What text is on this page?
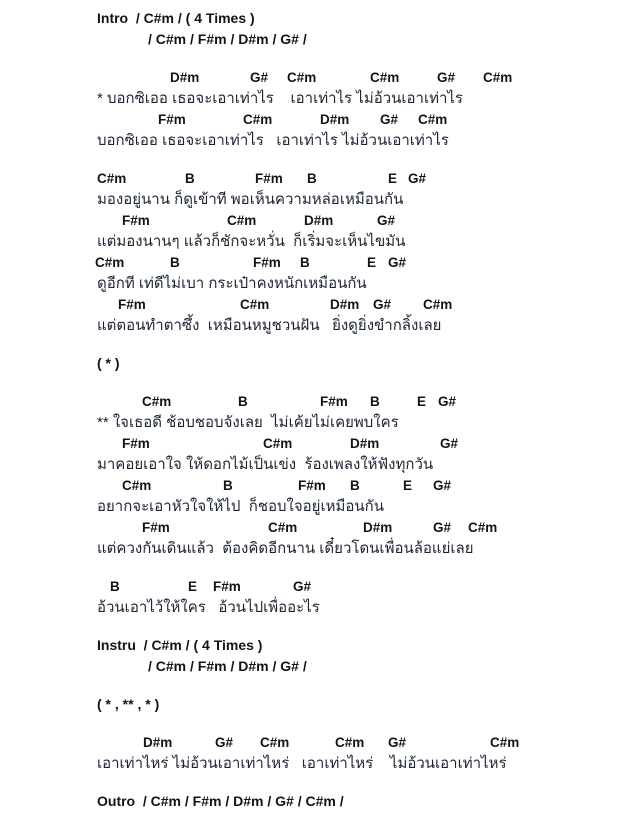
Intro  / C#m / ( 4 Times )
/ C#m / F#m / D#m / G# /
D#m	G# C#m	C#m	G# C#m
* บอกซิเออ เธอจะเอาเท่าไร    เอาเท่าไร ไม่อ้วนเอาเท่าไร
F#m	C#m	D#m G# C#m
บอกซิเออ เธอจะเอาเท่าไร   เอาเท่าไร ไม่อ้วนเอาเท่าไร
C#m	B	F#m B	E G#
มองอยู่นาน ก็ดูเข้าที พอเห็นความหล่อเหมือนกัน
F#m	C#m	D#m	G#
แต่มองนานๆ แล้วก็ชักจะหวั่น  ก็เริ่มจะเห็นไขมัน
C#m	B	F#m B	E G#
ดูอีกที เท่ดีไม่เบา กระเป๋าคงหนักเหมือนกัน
F#m	C#m	D#m G# C#m
แต่ตอนทำตาซึ้ง  เหมือนหมูชวนฝัน   ยิ่งดูยิ่งขำกลิ้งเลย
( * )
C#m	B	F#m B	E G#
** ใจเธอดี ช้อบชอบจังเลย  ไม่เค้ยไม่เคยพบใคร
F#m	C#m	D#m	G#
มาคอยเอาใจ ให้ดอกไม้เป็นเข่ง  ร้องเพลงให้ฟังทุกวัน
C#m	B	F#m B	E G#
อยากจะเอาหัวใจให้ไป  ก็ชอบใจอยู่เหมือนกัน
F#m	C#m	D#m	G# C#m
แต่ควงกันเดินแล้ว  ต้องคิดอีกนาน เดี๋ยวโดนเพื่อนล้อแย่เลย
B	E F#m	G#
อ้วนเอาไว้ให้ใคร   อ้วนไปเพื่ออะไร
Instru  / C#m / ( 4 Times )
/ C#m / F#m / D#m / G# /
( * , ** , * )
D#m	G# C#m	C#m G#	C#m
เอาเท่าไหร่ ไม่อ้วนเอาเท่าไหร่   เอาเท่าไหร่    ไม่อ้วนเอาเท่าไหร่
Outro  / C#m / F#m / D#m / G# / C#m /
